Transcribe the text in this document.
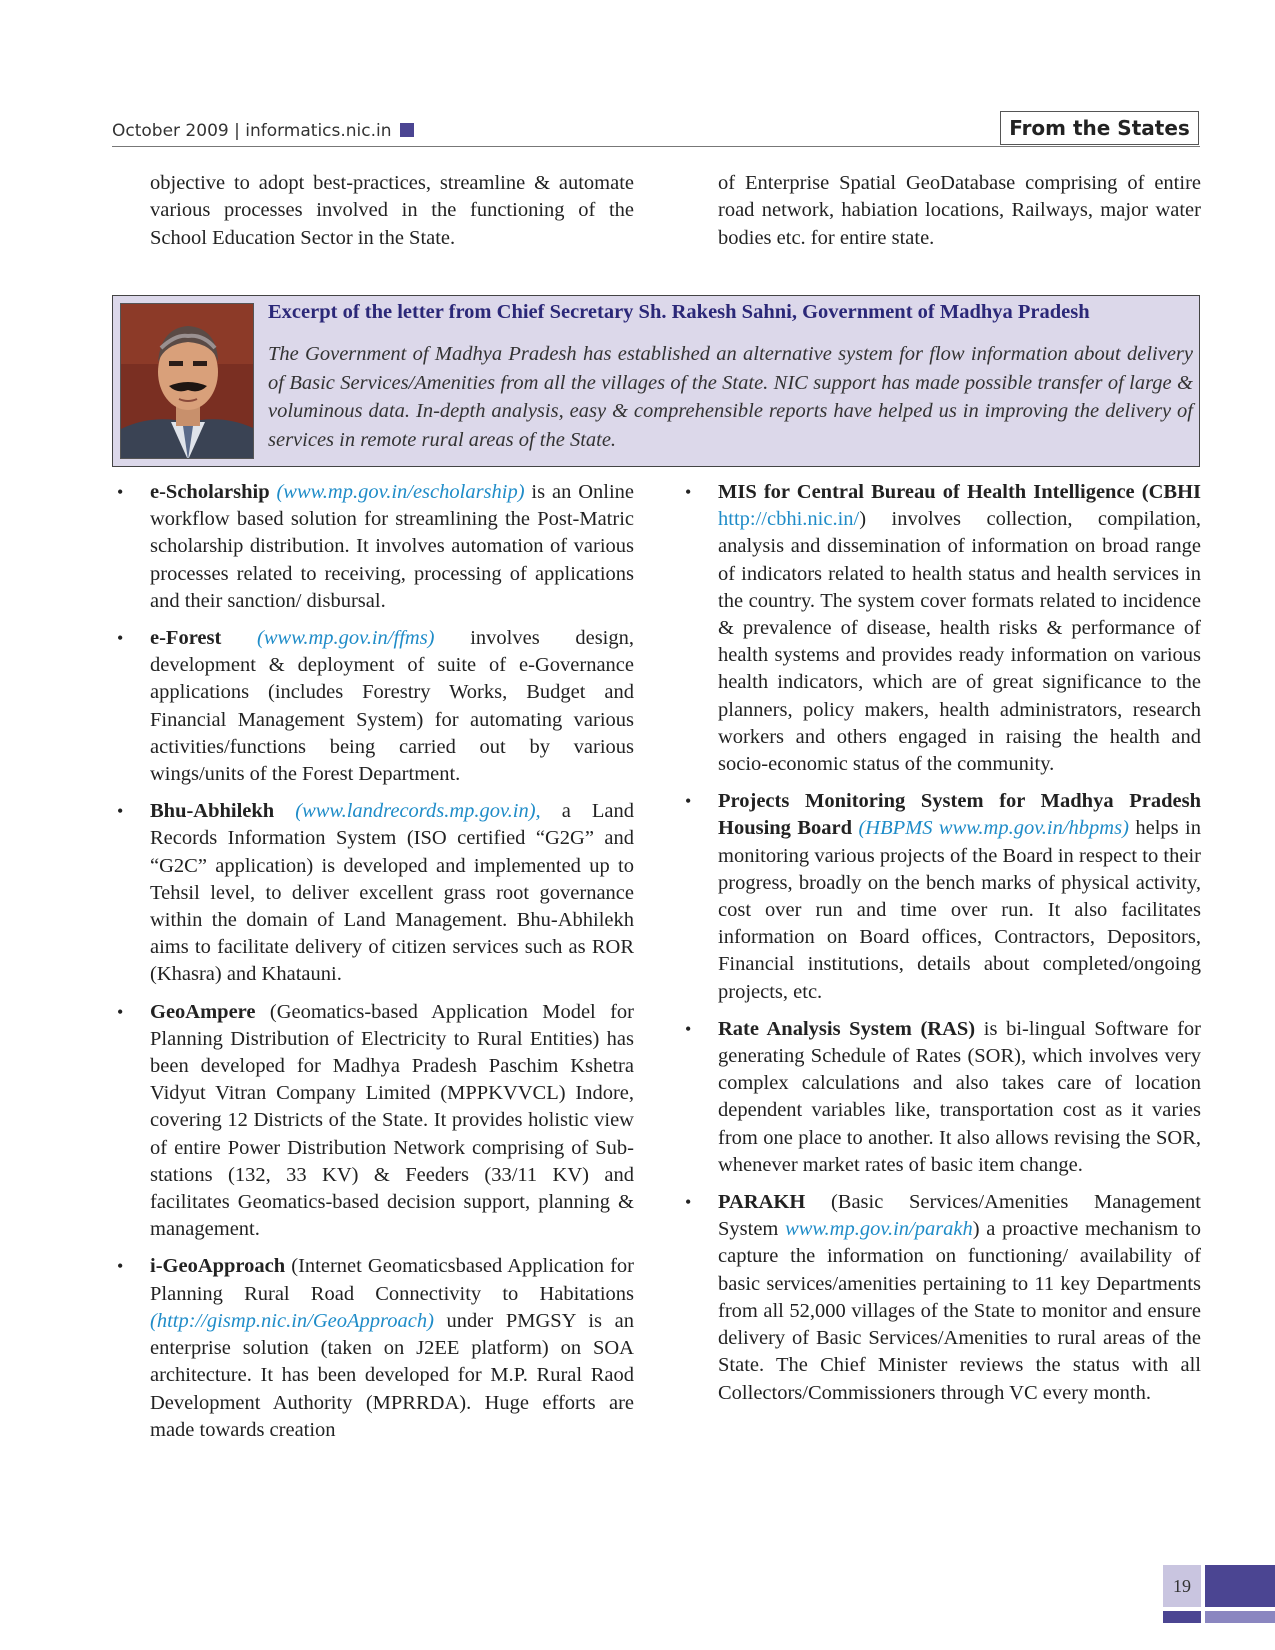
October 2009 | informatics.nic.in	From the States
objective to adopt best-practices, streamline & automate various processes involved in the functioning of the School Education Sector in the State.
of Enterprise Spatial GeoDatabase comprising of entire road network, habiation locations, Railways, major water bodies etc. for entire state.
Excerpt of the letter from Chief Secretary Sh. Rakesh Sahni, Government of Madhya Pradesh
The Government of Madhya Pradesh has established an alternative system for flow information about delivery of Basic Services/Amenities from all the villages of the State. NIC support has made possible transfer of large & voluminous data. In-depth analysis, easy & comprehensible reports have helped us in improving the delivery of services in remote rural areas of the State.
• e-Scholarship (www.mp.gov.in/escholarship) is an Online workflow based solution for streamlining the Post-Matric scholarship distribution. It involves automation of various processes related to receiving, processing of applications and their sanction/ disbursal.
• e-Forest (www.mp.gov.in/ffms) involves design, development & deployment of suite of e-Governance applications (includes Forestry Works, Budget and Financial Management System) for automating various activities/functions being carried out by various wings/units of the Forest Department.
• Bhu-Abhilekh (www.landrecords.mp.gov.in), a Land Records Information System (ISO certified “G2G” and “G2C” application) is developed and implemented up to Tehsil level, to deliver excellent grass root governance within the domain of Land Management. Bhu-Abhilekh aims to facilitate delivery of citizen services such as ROR (Khasra) and Khatauni.
• GeoAmpere (Geomatics-based Application Model for Planning Distribution of Electricity to Rural Entities) has been developed for Madhya Pradesh Paschim Kshetra Vidyut Vitran Company Limited (MPPKVVCL) Indore, covering 12 Districts of the State. It provides holistic view of entire Power Distribution Network comprising of Sub-stations (132, 33 KV) & Feeders (33/11 KV) and facilitates Geomatics-based decision support, planning & management.
• i-GeoApproach (Internet Geomaticsbased Application for Planning Rural Road Connectivity to Habitations (http://gismp.nic.in/GeoApproach) under PMGSY is an enterprise solution (taken on J2EE platform) on SOA architecture. It has been developed for M.P. Rural Raod Development Authority (MPRRDA). Huge efforts are made towards creation
• MIS for Central Bureau of Health Intelligence (CBHI http://cbhi.nic.in/) involves collection, compilation, analysis and dissemination of information on broad range of indicators related to health status and health services in the country. The system cover formats related to incidence & prevalence of disease, health risks & performance of health systems and provides ready information on various health indicators, which are of great significance to the planners, policy makers, health administrators, research workers and others engaged in raising the health and socio-economic status of the community.
• Projects Monitoring System for Madhya Pradesh Housing Board (HBPMS www.mp.gov.in/hbpms) helps in monitoring various projects of the Board in respect to their progress, broadly on the bench marks of physical activity, cost over run and time over run. It also facilitates information on Board offices, Contractors, Depositors, Financial institutions, details about completed/ongoing projects, etc.
• Rate Analysis System (RAS) is bi-lingual Software for generating Schedule of Rates (SOR), which involves very complex calculations and also takes care of location dependent variables like, transportation cost as it varies from one place to another. It also allows revising the SOR, whenever market rates of basic item change.
• PARAKH (Basic Services/Amenities Management System www.mp.gov.in/parakh) a proactive mechanism to capture the information on functioning/ availability of basic services/amenities pertaining to 11 key Departments from all 52,000 villages of the State to monitor and ensure delivery of Basic Services/Amenities to rural areas of the State. The Chief Minister reviews the status with all Collectors/Commissioners through VC every month.
19
